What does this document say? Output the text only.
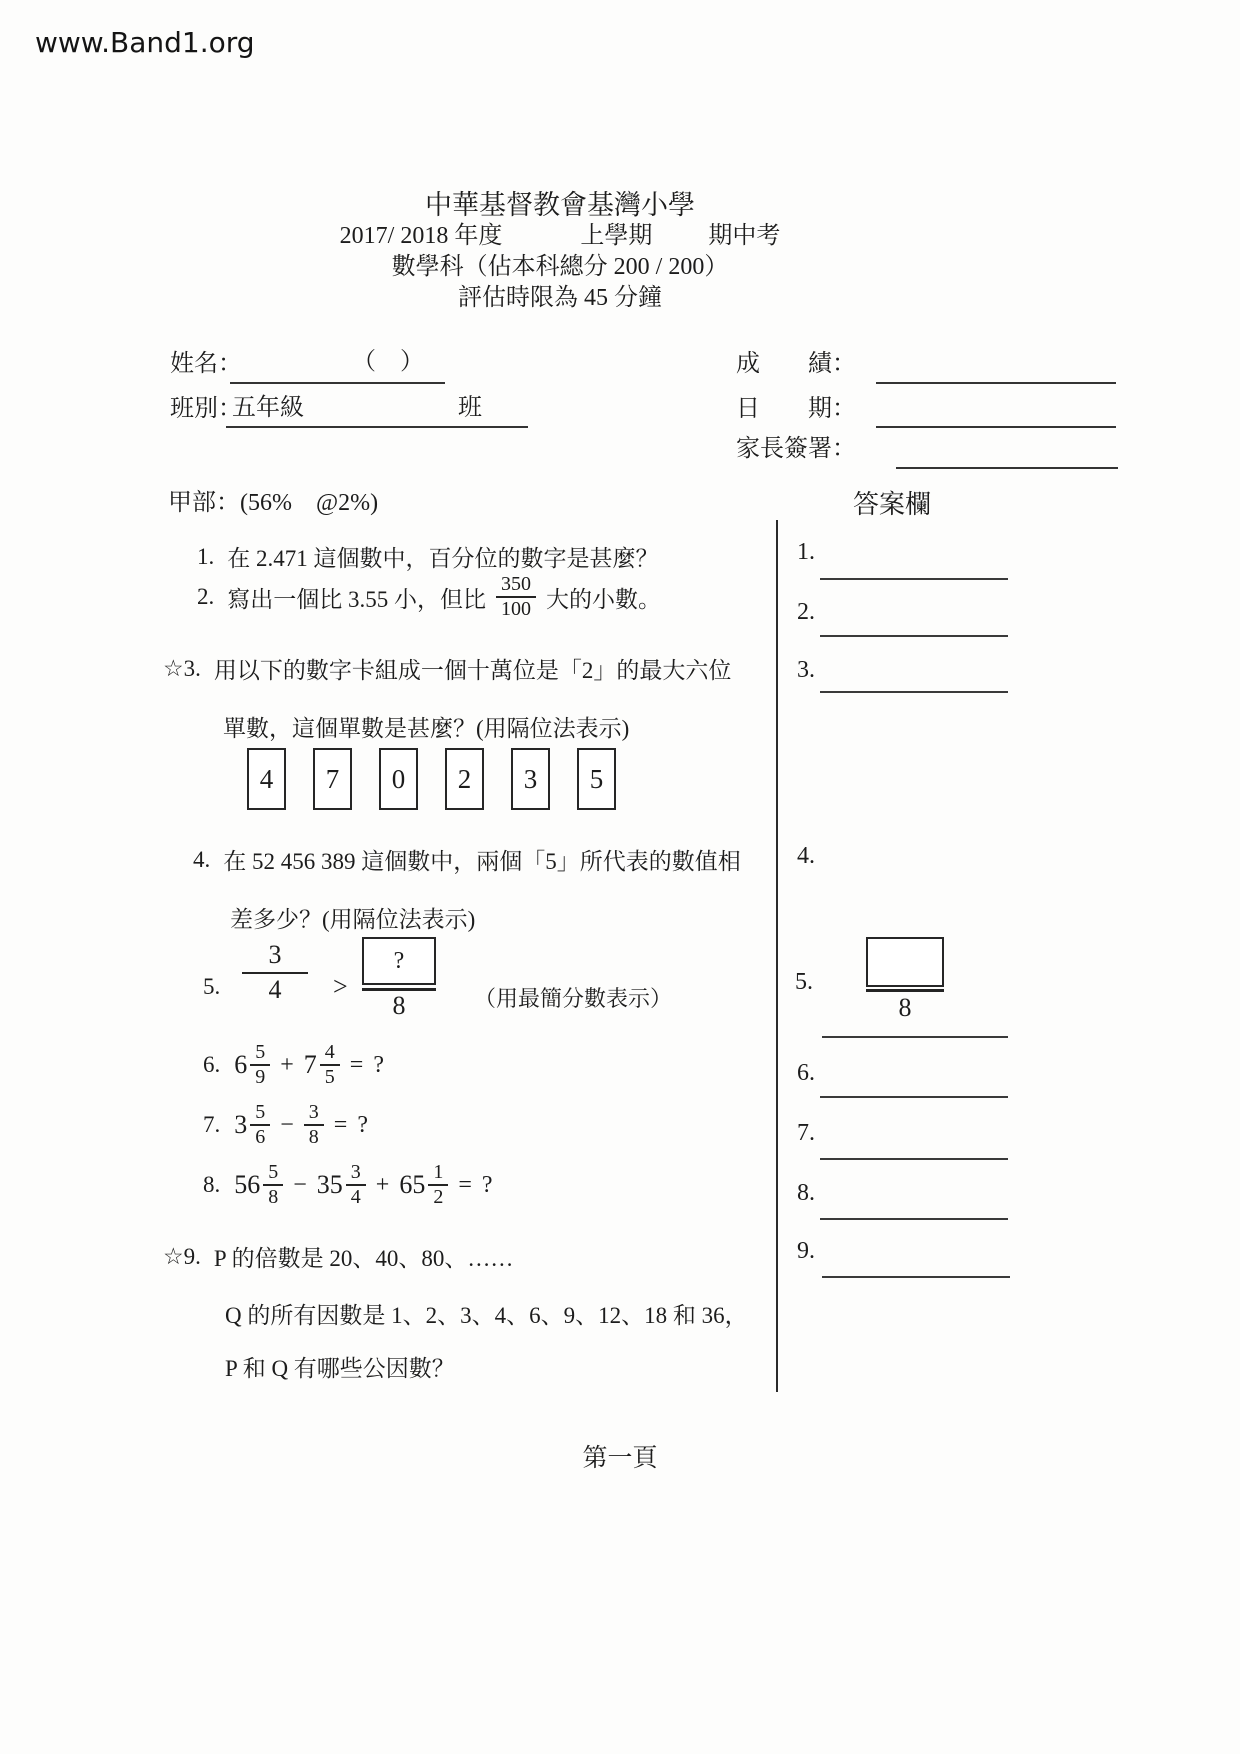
www.Band1.org
中華基督教會基灣小學
2017/ 2018 年度	上學期 期中考
數學科（佔本科總分 200 / 200）
評估時限為 45 分鐘
姓名：	（　）
班別：
五年級	班
成　　績：
日　　期：
家長簽署：
甲部：(56%　@2%)	答案欄
1. 在 2.471 這個數中，百分位的數字是甚麼？
2. 寫出一個比 3.55 小，但比 $\frac{350}{100}$ 大的小數。
☆3. 用以下的數字卡組成一個十萬位是「2」的最大六位
單數，這個單數是甚麼？(用隔位法表示)
4	7	0	2	3	5
4. 在 52 456 389 這個數中，兩個「5」所代表的數值相
差多少？(用隔位法表示)
5. $\frac{3}{4}$ >
?
8	（用最簡分數表示）
6. $6 \frac{5}{9} + 7 \frac{4}{5}$ = ?
7. $3 \frac{5}{6} - \frac{3}{8}$ = ?
8. $56 \frac{5}{8} - 35 \frac{3}{4} + 65 \frac{1}{2}$ = ?
☆9. P 的倍數是 20、40、80、……
Q 的所有因數是 1、2、3、4、6、9、12、18 和 36，
P 和 Q 有哪些公因數？
1.
2.
3.
4.
5.
8
6.
7.
8.
9.
第一頁
